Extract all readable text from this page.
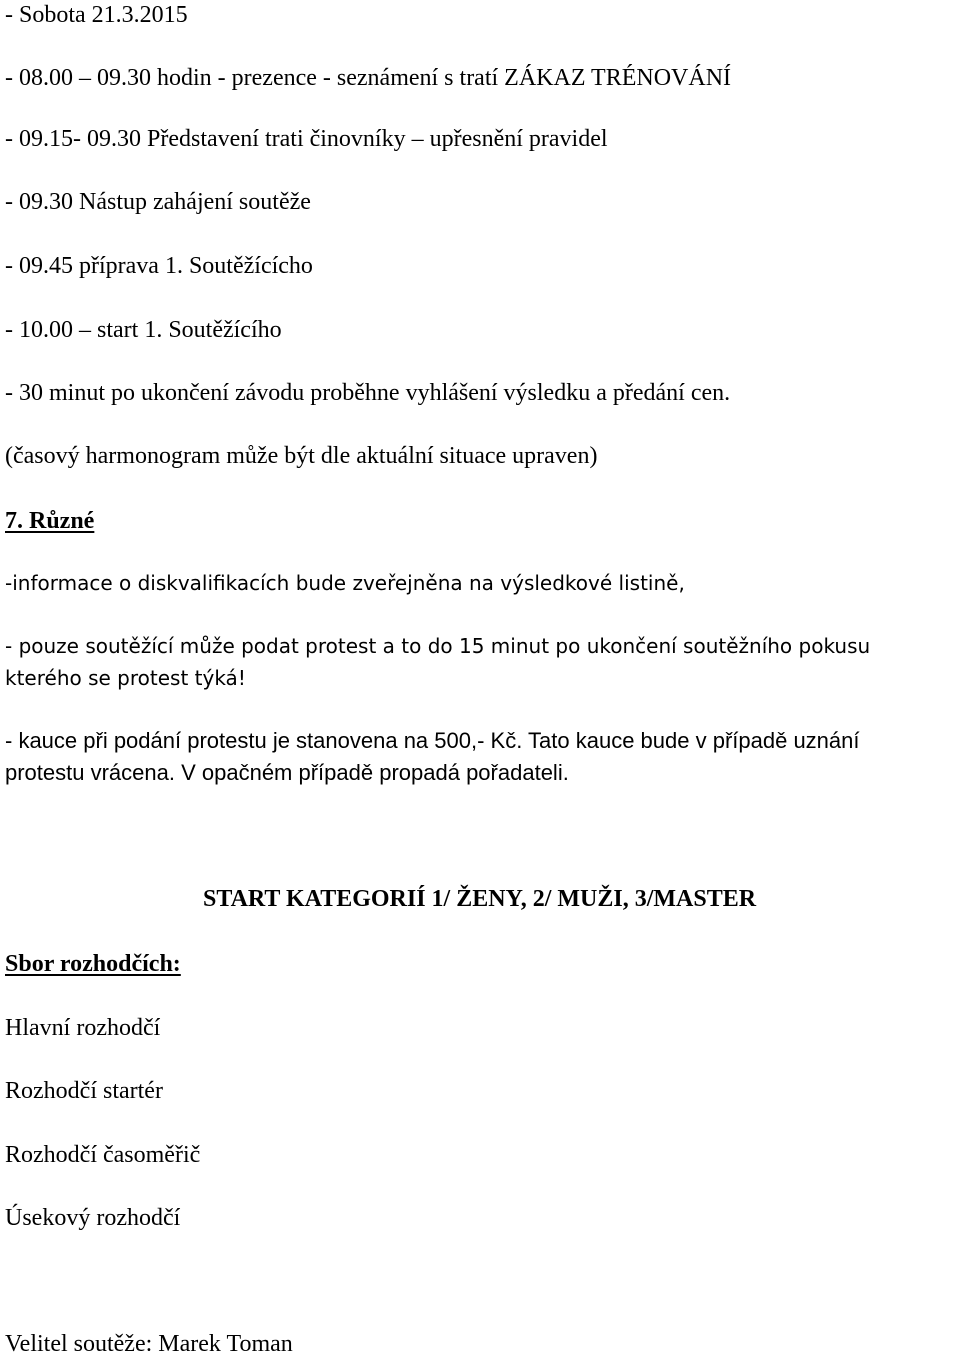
- Sobota 21.3.2015
- 08.00 – 09.30 hodin - prezence - seznámení s tratí ZÁKAZ TRÉNOVÁNÍ
- 09.15- 09.30 Představení trati činovníky – upřesnění pravidel
- 09.30 Nástup zahájení soutěže
- 09.45 příprava 1. Soutěžícícho
- 10.00 – start 1. Soutěžícího
- 30 minut po ukončení závodu proběhne vyhlášení výsledku a předání cen.
(časový harmonogram může být dle aktuální situace upraven)
7. Různé
-informace o diskvalifikacích bude zveřejněna na výsledkové listině,
- pouze soutěžící může podat protest a to do 15 minut po ukončení soutěžního pokusu
kterého se protest týká!
- kauce při podání protestu je stanovena na 500,- Kč. Tato kauce bude v případě uznání
protestu vrácena. V opačném případě propadá pořadateli.
START KATEGORIÍ 1/ ŽENY, 2/ MUŽI, 3/MASTER
Sbor rozhodčích:
Hlavní rozhodčí
Rozhodčí startér
Rozhodčí časoměřič
Úsekový rozhodčí
Velitel soutěže: Marek Toman
